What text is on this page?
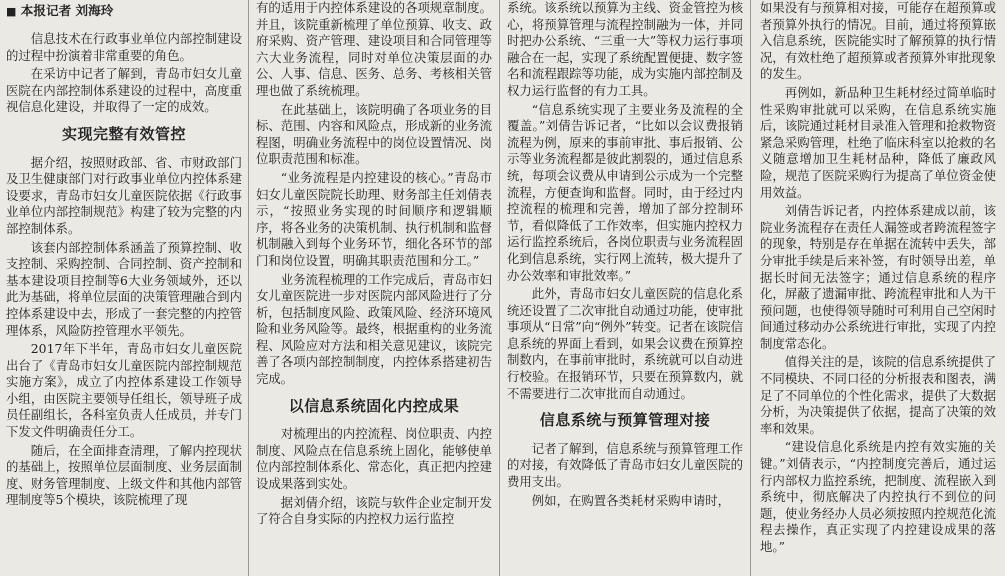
■ 本报记者 刘海玲

信息技术在行政事业单位内部控制建设的过程中扮演着非常重要的角色。

在采访中记者了解到，青岛市妇女儿童医院在内部控制体系建设的过程中，高度重视信息化建设，并取得了一定的成效。

实现完整有效管控

据介绍，按照财政部、省、市财政部门及卫生健康部门对行政事业单位内控体系建设要求，青岛市妇女儿童医院依据《行政事业单位内部控制规范》构建了较为完整的内部控制体系。

该套内部控制体系涵盖了预算控制、收支控制、采购控制、合同控制、资产控制和基本建设项目控制等6大业务领域外，还以此为基础，将单位层面的决策管理融合到内控体系建设中去，形成了一套完整的内控管理体系，风险防控管理水平领先。

2017年下半年，青岛市妇女儿童医院出台了《青岛市妇女儿童医院内部控制规范实施方案》，成立了内控体系建设工作领导小组，由医院主要领导任组长，领导班子成员任副组长，各科室负责人任成员，并专门下发文件明确责任分工。

随后，在全面排查清理，了解内控现状的基础上，按照单位层面制度、业务层面制度、财务管理制度、上级文件和其他内部管理制度等5个模块，该院梳理了现

有的适用于内控体系建设的各项规章制度。并且，该院重新梳理了单位预算、收支、政府采购、资产管理、建设项目和合同管理等六大业务流程，同时对单位决策层面的办公、人事、信息、医务、总务、考核相关管理也做了系统梳理。

在此基础上，该院明确了各项业务的目标、范围、内容和风险点，形成新的业务流程图，明确业务流程中的岗位设置情况、岗位职责范围和标准。

“业务流程是内控建设的核心。”青岛市妇女儿童医院院长助理、财务部主任刘倩表示，“按照业务实现的时间顺序和逻辑顺序，将各业务的决策机制、执行机制和监督机制融入到每个业务环节，细化各环节的部门和岗位设置，明确其职责范围和分工。”

业务流程梳理的工作完成后，青岛市妇女儿童医院进一步对医院内部风险进行了分析，包括制度风险、政策风险、经济环境风险和业务风险等。最终，根据重构的业务流程、风险应对方法和相关意见建议，该院完善了各项内部控制制度，内控体系搭建初告完成。

以信息系统固化内控成果

对梳理出的内控流程、岗位职责、内控制度、风险点在信息系统上固化，能够使单位内部控制体系化、常态化，真正把内控建设成果落到实处。

据刘倩介绍，该院与软件企业定制开发了符合自身实际的内控权力运行监控

系统。该系统以预算为主线、资金管控为核心，将预算管理与流程控制融为一体，并同时把办公系统、“三重一大”等权力运行事项融合在一起，实现了系统配置便捷、数字签名和流程跟踪等功能，成为实施内部控制及权力运行监督的有力工具。

“信息系统实现了主要业务及流程的全覆盖。”刘倩告诉记者，“比如以会议费报销流程为例，原来的事前审批、事后报销、公示等业务流程都是彼此割裂的，通过信息系统，每项会议费从申请到公示成为一个完整流程，方便查询和监督。同时，由于经过内控流程的梳理和完善，增加了部分控制环节，看似降低了工作效率，但实施内控权力运行监控系统后，各岗位职责与业务流程固化到信息系统，实行网上流转，极大提升了办公效率和审批效率。”

此外，青岛市妇女儿童医院的信息化系统还设置了二次审批自动通过功能，使审批事项从“日常”向“例外”转变。记者在该院信息系统的界面上看到，如果会议费在预算控制数内，在事前审批时，系统就可以自动进行校验。在报销环节，只要在预算数内，就不需要进行二次审批而自动通过。

信息系统与预算管理对接

记者了解到，信息系统与预算管理工作的对接，有效降低了青岛市妇女儿童医院的费用支出。

例如，在购置各类耗材采购申请时，

如果没有与预算相对接，可能存在超预算或者预算外执行的情况。目前，通过将预算嵌入信息系统，医院能实时了解预算的执行情况，有效杜绝了超预算或者预算外审批现象的发生。

再例如，新品种卫生耗材经过简单临时性采购审批就可以采购，在信息系统实施后，该院通过耗材目录准入管理和抢救物资紧急采购管理，杜绝了临床科室以抢救的名义随意增加卫生耗材品种，降低了廉政风险，规范了医院采购行为提高了单位资金使用效益。

刘倩告诉记者，内控体系建成以前，该院业务流程存在责任人漏签或者跨流程签字的现象，特别是存在单据在流转中丢失，部分审批手续是后来补签，有时领导出差，单据长时间无法签字；通过信息系统的程序化，屏蔽了遗漏审批、跨流程审批和人为干预问题，也使得领导随时可利用自己空闲时间通过移动办公系统进行审批，实现了内控制度常态化。

值得关注的是，该院的信息系统提供了不同模块、不同口径的分析报表和图表，满足了不同单位的个性化需求，提供了大数据分析，为决策提供了依据，提高了决策的效率和效果。

“建设信息化系统是内控有效实施的关键。”刘倩表示，“内控制度完善后，通过运行内部权力监控系统，把制度、流程嵌入到系统中，彻底解决了内控执行不到位的问题，使业务经办人员必须按照内控规范化流程去操作，真正实现了内控建设成果的落地。”
